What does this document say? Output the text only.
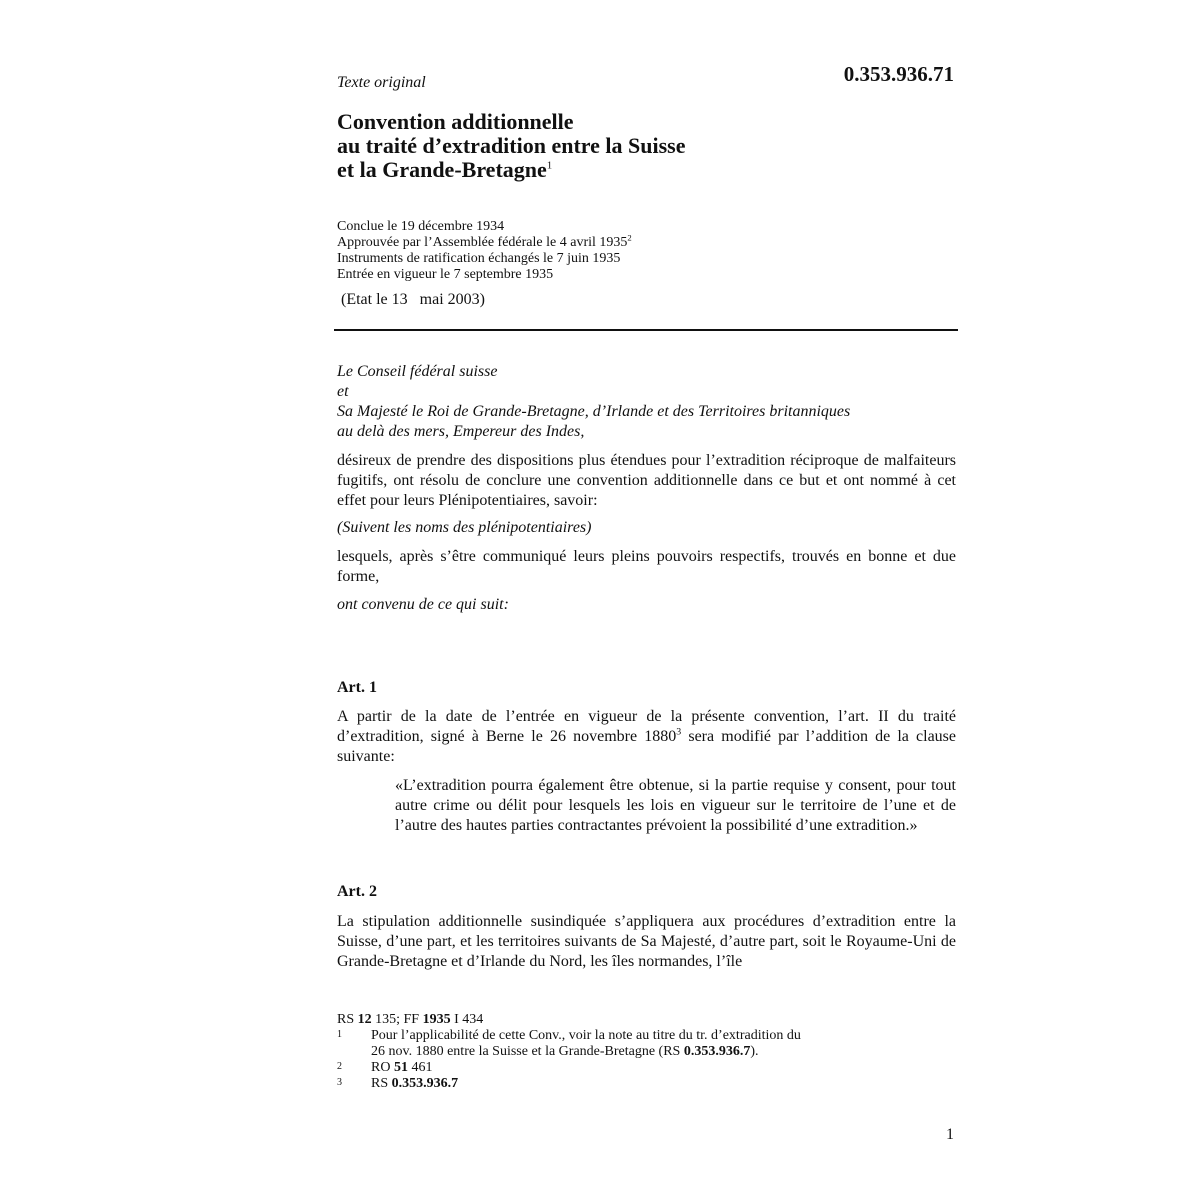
Texte original	0.353.936.71
Convention additionnelle
au traité d’extradition entre la Suisse
et la Grande-Bretagne$^1$
Conclue le 19 décembre 1934
Approuvée par l’Assemblée fédérale le 4 avril 1935$^2$
Instruments de ratification échangés le 7 juin 1935
Entrée en vigueur le 7 septembre 1935
(Etat le 13   mai 2003)
Le Conseil fédéral suisse
et
Sa Majesté le Roi de Grande-Bretagne, d’Irlande et des Territoires britanniques
au delà des mers, Empereur des Indes,
désireux de prendre des dispositions plus étendues pour l’extradition réciproque de malfaiteurs fugitifs, ont résolu de conclure une convention additionnelle dans ce but et ont nommé à cet effet pour leurs Plénipotentiaires, savoir:
(Suivent les noms des plénipotentiaires)
lesquels, après s’être communiqué leurs pleins pouvoirs respectifs, trouvés en bonne et due forme,
ont convenu de ce qui suit:
Art. 1
A partir de la date de l’entrée en vigueur de la présente convention, l’art. II du traité d’extradition, signé à Berne le 26 novembre 1880$^3$ sera modifié par l’addition de la clause suivante:
«L’extradition pourra également être obtenue, si la partie requise y consent, pour tout autre crime ou délit pour lesquels les lois en vigueur sur le territoire de l’une et de l’autre des hautes parties contractantes prévoient la possibilité d’une extradition.»
Art. 2
La stipulation additionnelle susindiquée s’appliquera aux procédures d’extradition entre la Suisse, d’une part, et les territoires suivants de Sa Majesté, d’autre part, soit le Royaume-Uni de Grande-Bretagne et d’Irlande du Nord, les îles normandes, l’île
RS 12 135; FF 1935 I 434
1	Pour l’applicabilité de cette Conv., voir la note au titre du tr. d’extradition du
26 nov. 1880 entre la Suisse et la Grande-Bretagne (RS 0.353.936.7).
2	RO 51 461
3	RS 0.353.936.7
1
